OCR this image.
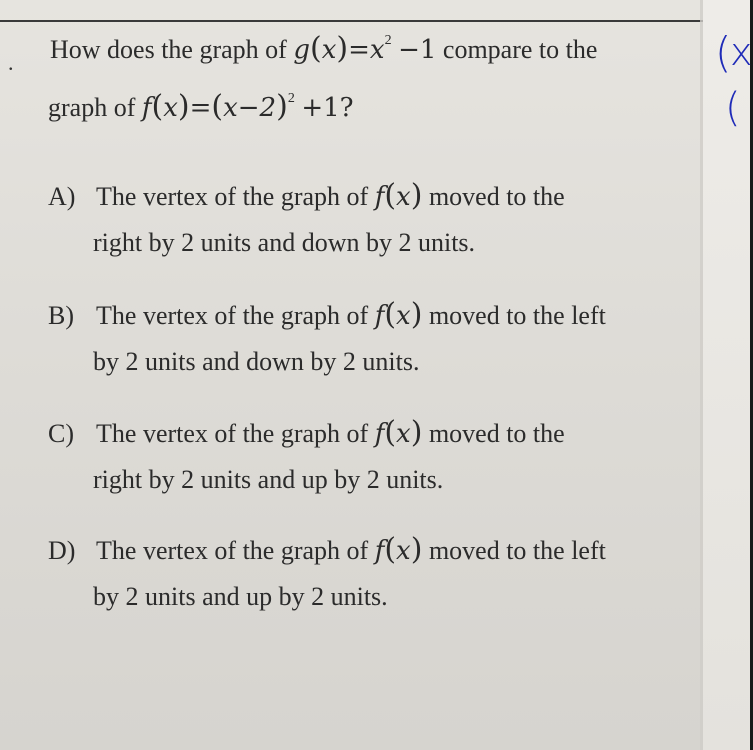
. How does the graph of $g(x)=x^2 -1$ compare to the
graph of $f(x)=(x-2)^2 +1$?
A) The vertex of the graph of f(x) moved to the
right by 2 units and down by 2 units.
B) The vertex of the graph of f(x) moved to the left
by 2 units and down by 2 units.
C) The vertex of the graph of f(x) moved to the
right by 2 units and up by 2 units.
D) The vertex of the graph of f(x) moved to the left
by 2 units and up by 2 units.
(
x
(
